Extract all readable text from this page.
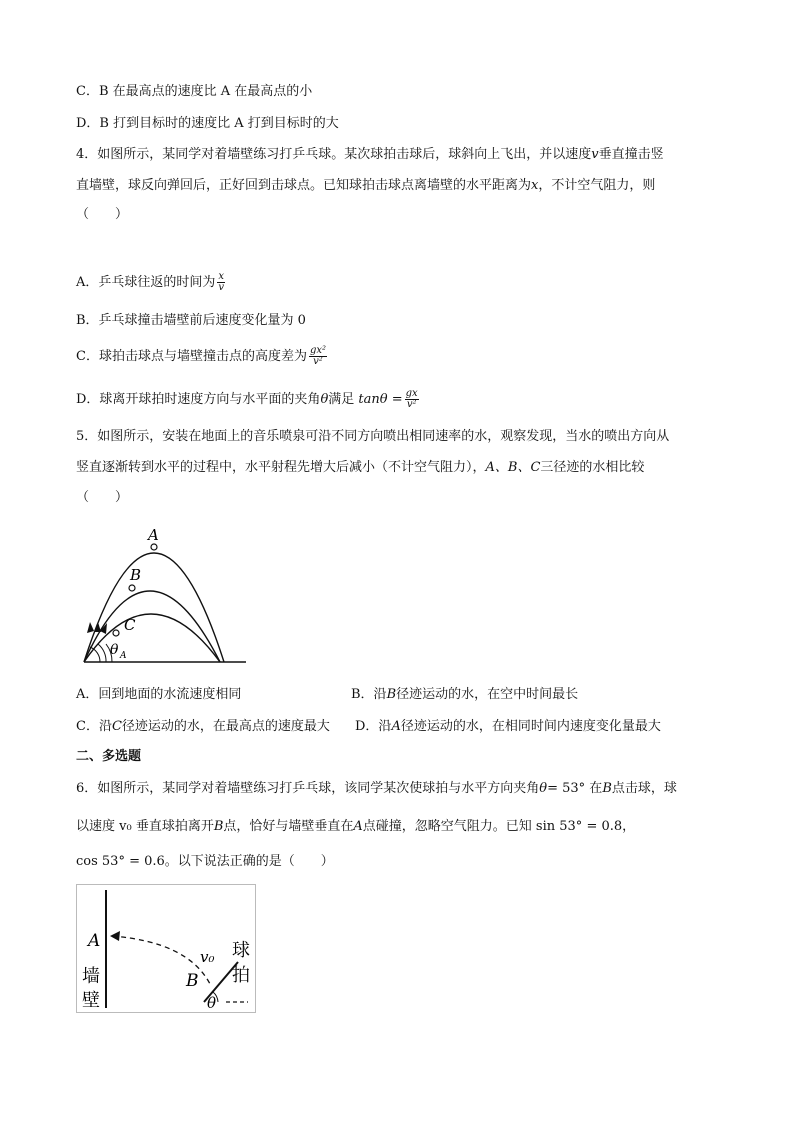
C．B 在最高点的速度比 A 在最高点的小
D．B 打到目标时的速度比 A 打到目标时的大
4．如图所示，某同学对着墙壁练习打乒乓球。某次球拍击球后，球斜向上飞出，并以速度v垂直撞击竖
直墙壁，球反向弹回后，正好回到击球点。已知球拍击球点离墙壁的水平距离为x，不计空气阻力，则
（　　）
A．乒乓球往返的时间为 $\frac{x}{v}$
B．乒乓球撞击墙壁前后速度变化量为 0
C．球拍击球点与墙壁撞击点的高度差为 $\frac{\text{gx²}}{\text{v²}}$
D．球离开球拍时速度方向与水平面的夹角θ满足 $\tan\theta = \frac{gx}{\text{v²}}$
5．如图所示，安装在地面上的音乐喷泉可沿不同方向喷出相同速率的水，观察发现，当水的喷出方向从
竖直逐渐转到水平的过程中，水平射程先增大后减小（不计空气阻力），A、B、C三径迹的水相比较
（　　）
A
B
C
θ A
A．回到地面的水流速度相同	B．沿B径迹运动的水，在空中时间最长
C．沿C径迹运动的水，在最高点的速度最大 D．沿A径迹运动的水，在相同时间内速度变化量最大
二、多选题
6．如图所示，某同学对着墙壁练习打乒乓球，该同学某次使球拍与水平方向夹角θ= 53° 在B点击球，球
以速度 v₀ 垂直球拍离开B点，恰好与墙壁垂直在A点碰撞，忽略空气阻力。已知 sin 53° = 0.8，
cos 53° = 0.6。以下说法正确的是（　　）
A
墙
壁
v₀
B
球
拍
θ
